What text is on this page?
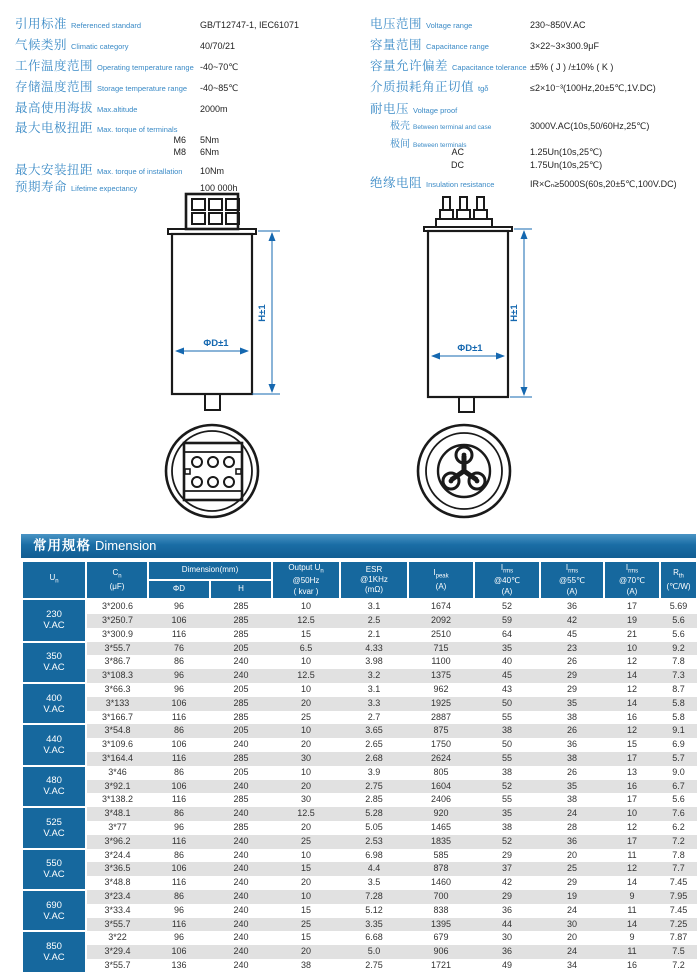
引用标准 Referenced standard	GB/T12747-1, IEC61071
气候类别 Climatic category	40/70/21
工作温度范围 Operating temperature range -40~70℃
存储温度范围 Storage temperature range	-40~85℃
最高使用海拔 Max.altitude	2000m
最大电极扭距 Max. torque of terminals
M6	5Nm
M8	6Nm
最大安装扭距 Max. torque of installation	10Nm
预期寿命 Lifetime expectancy	100 000h
电压范围 Voltage range	230~850V.AC
容量范围 Capacitance range	3×22~3×300.9μF
容量允许偏差 Capacitance tolerance ±5% ( J ) /±10% ( K )
介质损耗角正切值 tgδ	≤2×10⁻³(100Hz,20±5℃,1V.DC)
耐电压 Voltage proof
极壳 Between terminal and case	3000V.AC(10s,50/60Hz,25℃)
极间 Between terminals
AC	1.25Un(10s,25℃)
DC	1.75Un(10s,25℃)
绝缘电阻 Insulation resistance	IR×Cₙ≥5000S(60s,20±5℃,100V.DC)
H±1
ΦD±1
H±1
ΦD±1
常用规格 Dimension
$U_n$	
$C_n$
(μF)
	Dimension(mm)	Output $U_n$
@50Hz
( kvar )

ESR
@1KHz
(mΩ)

$I_{peak}$
(A)

$I_{rms}$
@40℃
(A)

$I_{rms}$
@55℃
(A)

$I_{rms}$
@70℃
(A)

$R_{th}$
(℃/W)

		ΦD	H							

230
V.AC	3*200.6	96	285	10	3.1	1674	52	36	17	5.69
	3*250.7	106	285	12.5	2.5	2092	59	42	19	5.6
	3*300.9	116	285	15	2.1	2510	64	45	21	5.6

350
V.AC	3*55.7	76	205	6.5	4.33	715	35	23	10	9.2
	3*86.7	86	240	10	3.98	1100	40	26	12	7.8
	3*108.3	96	240	12.5	3.2	1375	45	29	14	7.3

400
V.AC	3*66.3	96	205	10	3.1	962	43	29	12	8.7
	3*133	106	285	20	3.3	1925	50	35	14	5.8
	3*166.7	116	285	25	2.7	2887	55	38	16	5.8

440
V.AC	3*54.8	86	205	10	3.65	875	38	26	12	9.1
	3*109.6	106	240	20	2.65	1750	50	36	15	6.9
	3*164.4	116	285	30	2.68	2624	55	38	17	5.7

480
V.AC	3*46	86	205	10	3.9	805	38	26	13	9.0
	3*92.1	106	240	20	2.75	1604	52	35	16	6.7
	3*138.2	116	285	30	2.85	2406	55	38	17	5.6

525
V.AC	3*48.1	86	240	12.5	5.28	920	35	24	10	7.6
	3*77	96	285	20	5.05	1465	38	28	12	6.2
	3*96.2	116	240	25	2.53	1835	52	36	17	7.2

550
V.AC	3*24.4	86	240	10	6.98	585	29	20	11	7.8
	3*36.5	106	240	15	4.4	878	37	25	12	7.7
	3*48.8	116	240	20	3.5	1460	42	29	14	7.45

690
V.AC	3*23.4	86	240	10	7.28	700	29	19	9	7.95
	3*33.4	96	240	15	5.12	838	36	24	11	7.45
	3*55.7	116	240	25	3.35	1395	44	30	14	7.25

850
V.AC	3*22	96	240	15	6.68	679	30	20	9	7.87
	3*29.4	106	240	20	5.0	906	36	24	11	7.5
	3*55.7	136	240	38	2.75	1721	49	34	16	7.2
